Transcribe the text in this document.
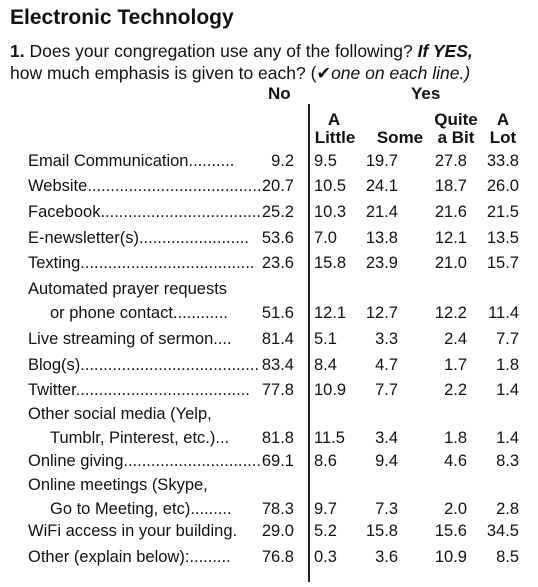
Electronic Technology
1. Does your congregation use any of the following? If YES,
how much emphasis is given to each? (✔one on each line.)
No	Yes
A
Little Some
Quite
a Bit
A
Lot
Email Communication.......... 9.2 9.5 19.7 27.8 33.8
Website...................................... 20.7 10.5 24.1 18.7 26.0
Facebook................................... 25.2 10.3 21.4 21.6 21.5
E-newsletter(s)........................ 53.6 7.0 13.8 12.1 13.5
Texting...................................... 23.6 15.8 23.9 21.0 15.7
Automated prayer requests
or phone contact............ 51.6 12.1 12.7 12.2 11.4
Live streaming of sermon.... 81.4 5.1 3.3	2.4 7.7
Blog(s)....................................... 83.4 8.4 4.7	1.7 1.8
Twitter...................................... 77.8 10.9 7.7	2.2 1.4
Other social media (Yelp,
Tumblr, Pinterest, etc.)... 81.8 11.5 3.4	1.8 1.4
Online giving.............................. 69.1 8.6 9.4	4.6 8.3
Online meetings (Skype,
Go to Meeting, etc)......... 78.3 9.7 7.3	2.0 2.8
WiFi access in your building. 29.0 5.2 15.8 15.6 34.5
Other (explain below):......... 76.8 0.3 3.6 10.9 8.5
